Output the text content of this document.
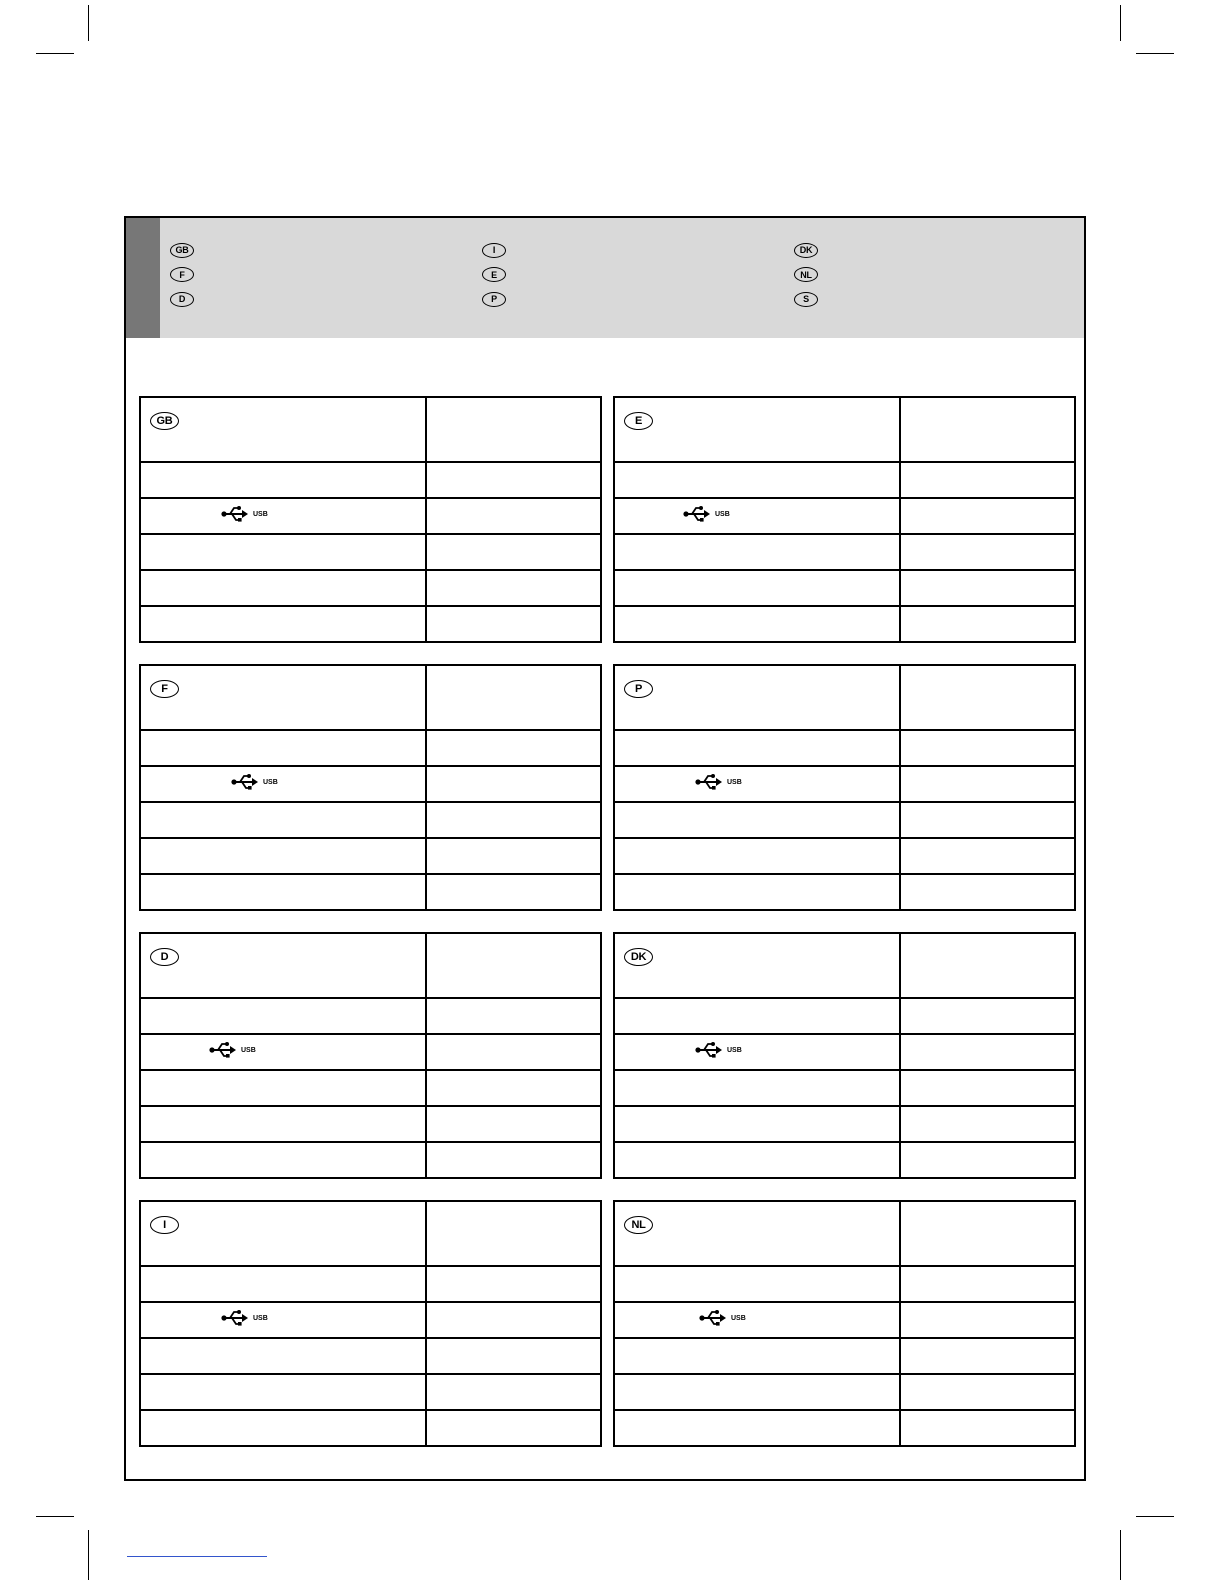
GB
F
D
I
E
P
DK
NL
S
GB
USB
E
USB
F
USB
P
USB
D
USB
DK
USB
I
USB
NL
USB
